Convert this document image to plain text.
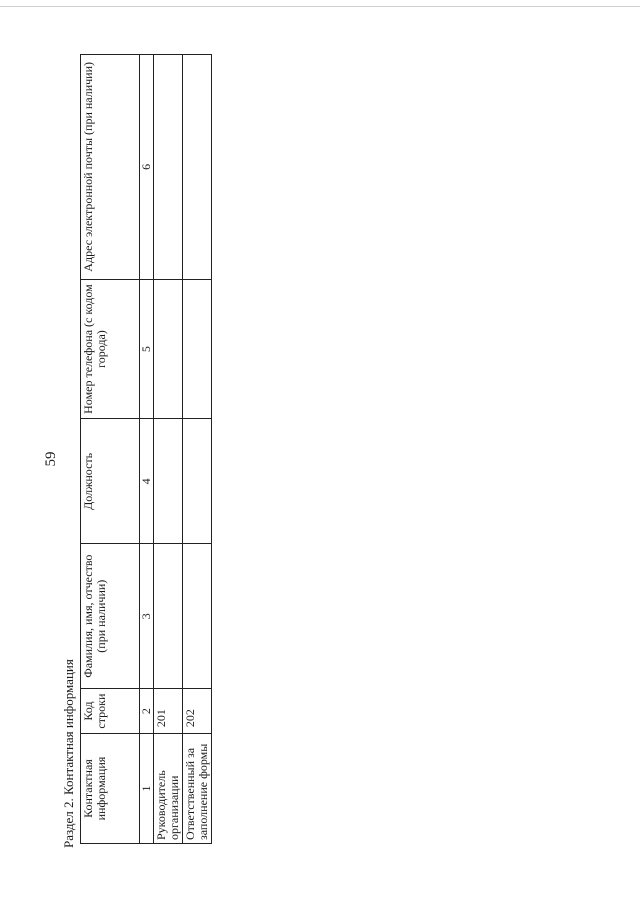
59
Раздел 2. Контактная информация Контактная информация	Код строки	Фамилия, имя, отчество (при наличии)	Должность	Номер телефона (с кодом города)	Адрес электронной почты (при наличии)
1	2	3	4	5	6
Руководитель организации	201				
Ответственный за заполнение формы	202				
